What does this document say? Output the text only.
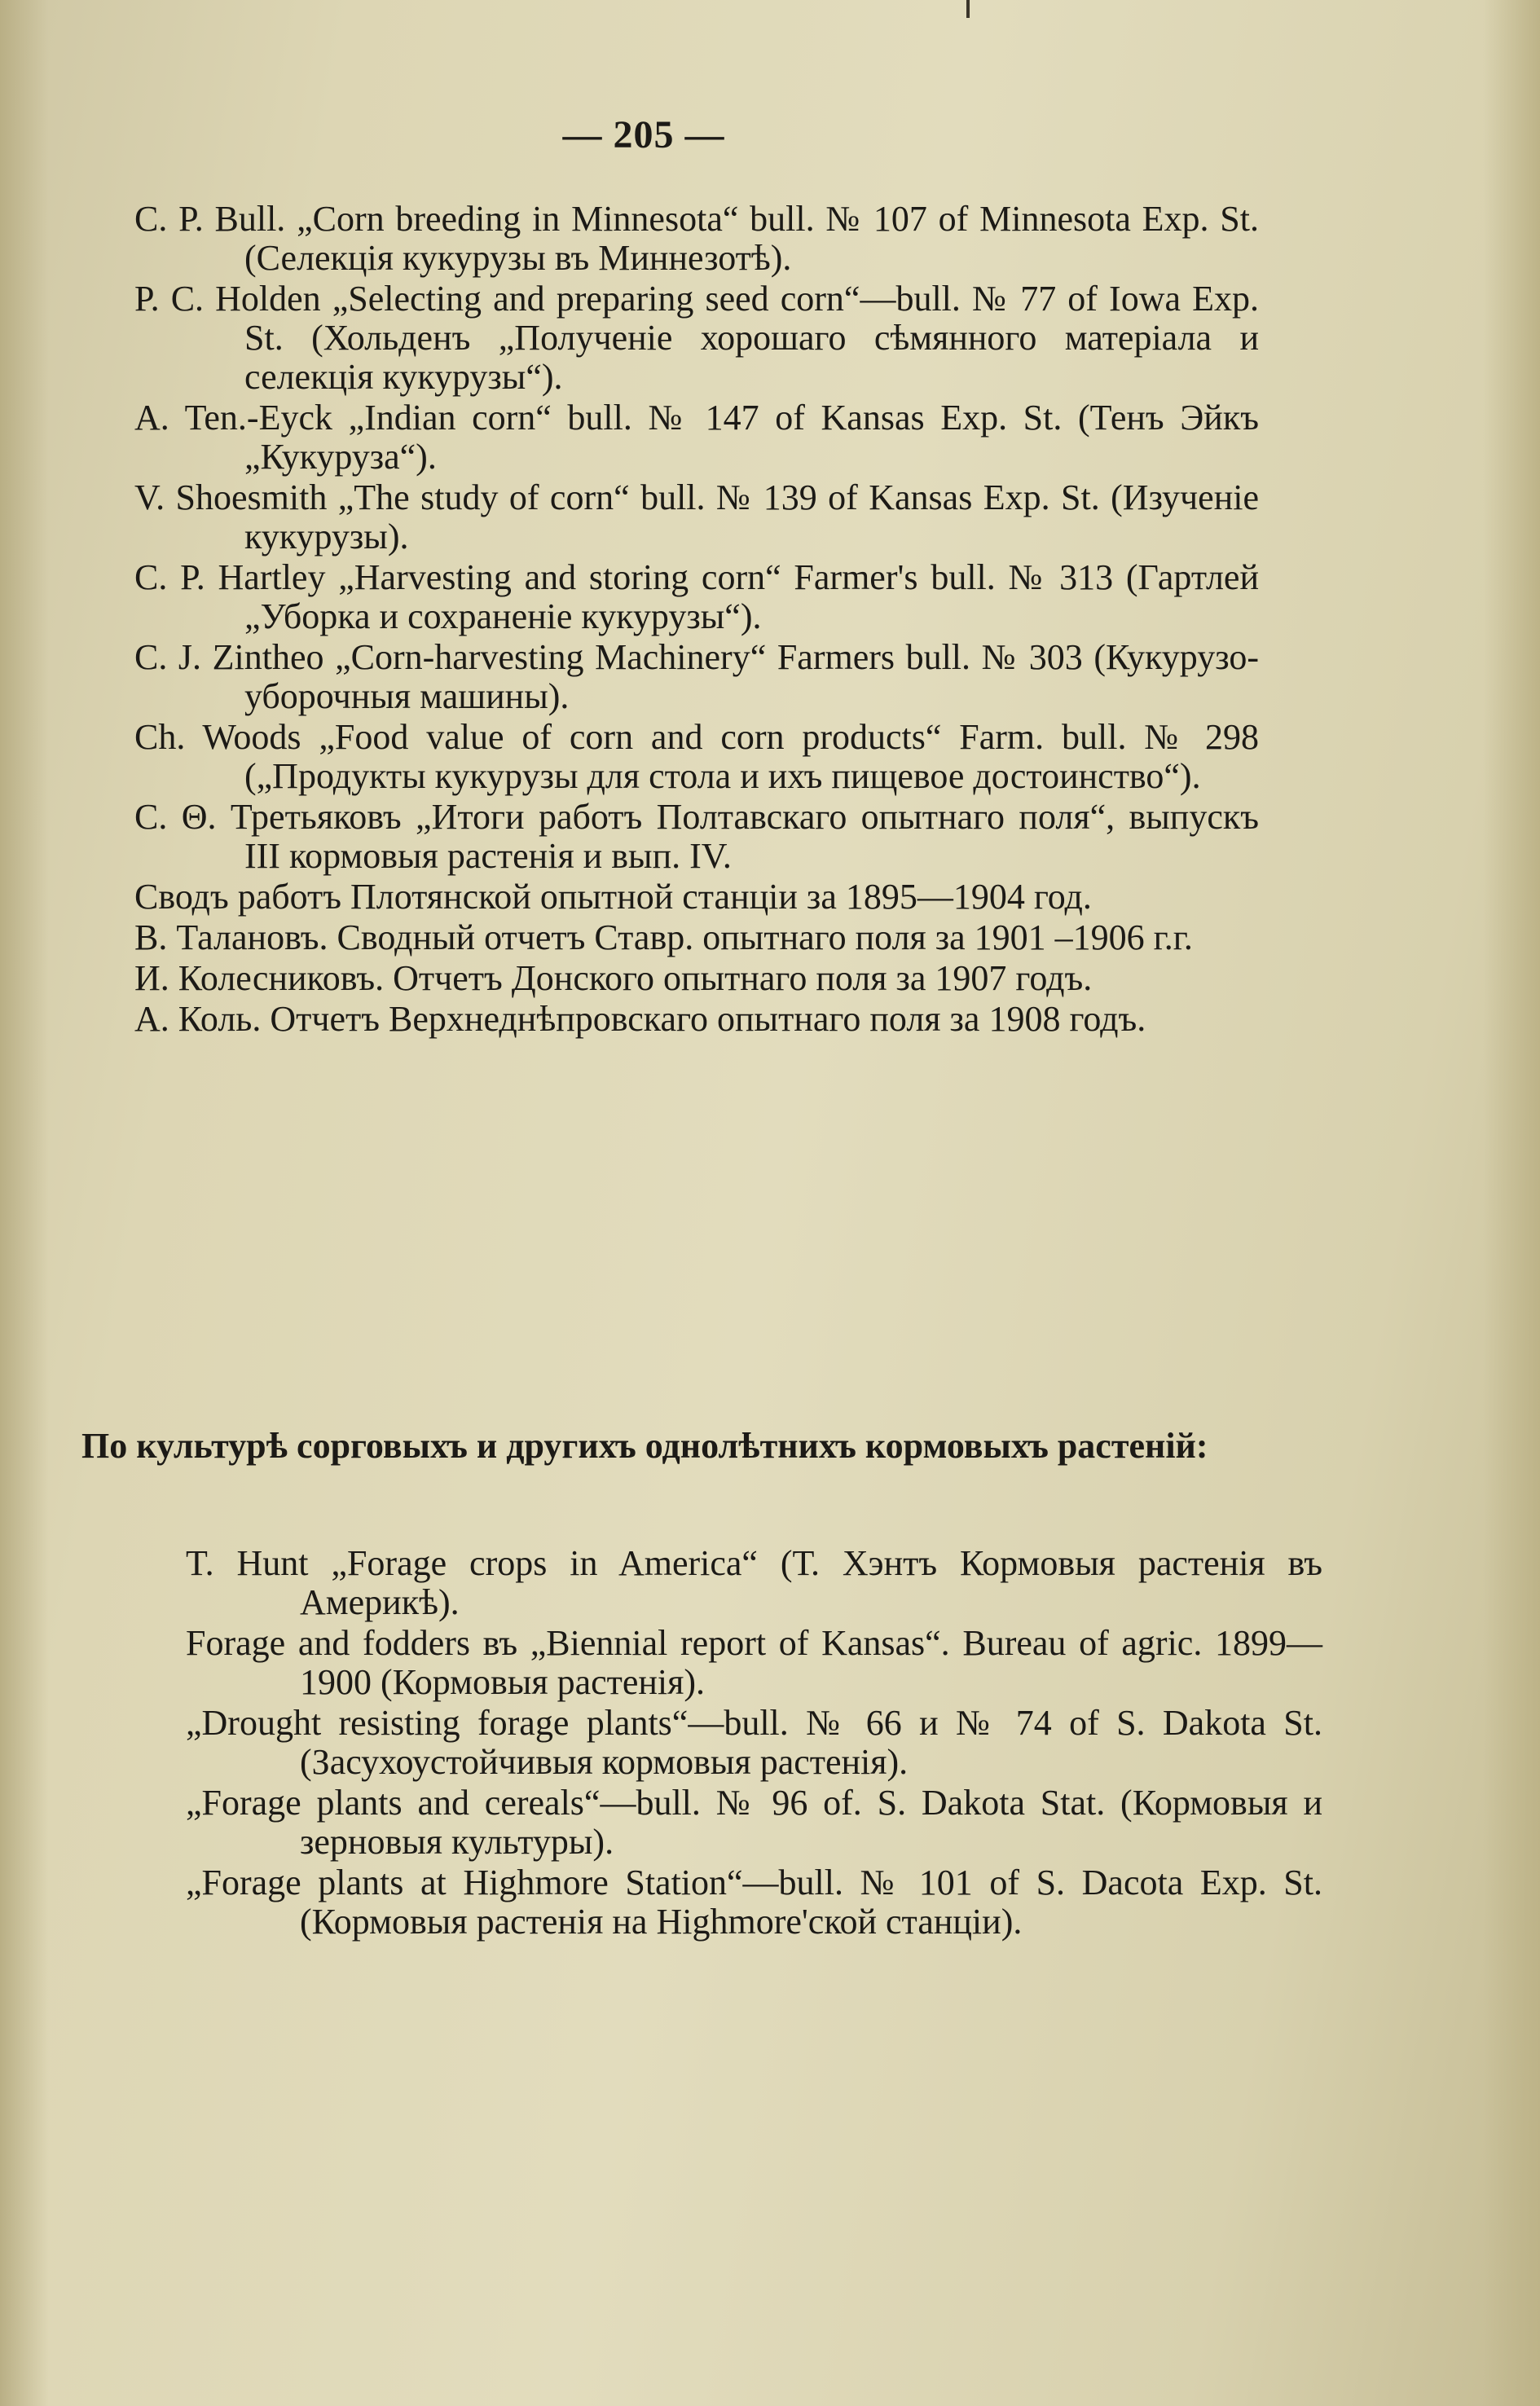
— 205 —

С. P. Bull. „Corn breeding in Minnesota“ bull. № 107 of Minnesota Exp. St. (Селекція кукурузы въ Миннезотѣ).

P. C. Holden „Selecting and preparing seed corn“—bull. № 77 of Iowa Exp. St. (Хольденъ „Полученіе хорошаго сѣмянного матеріала и селекція кукурузы“).

A. Ten.-Eyck „Indian corn“ bull. № 147 of Kansas Exp. St. (Тенъ Эйкъ „Кукуруза“).

V. Shoesmith „The study of corn“ bull. № 139 of Kansas Exp. St. (Изученіе кукурузы).

C. P. Hartley „Harvesting and storing corn“ Farmer's bull. № 313 (Гартлей „Уборка и сохраненіе кукурузы“).

C. J. Zintheo „Corn-harvesting Machinery“ Farmers bull. № 303 (Кукурузо-уборочныя машины).

Ch. Woods „Food value of corn and corn products“ Farm. bull. № 298 („Продукты кукурузы для стола и ихъ пищевое достоинство“).

С. Θ. Третьяковъ „Итоги работъ Полтавскаго опытнаго поля“, выпускъ III кормовыя растенія и вып. IV.

Сводъ работъ Плотянской опытной станціи за 1895—1904 год.

В. Талановъ. Сводный отчетъ Ставр. опытнаго поля за 1901 –1906 г.г.

И. Колесниковъ. Отчетъ Донского опытнаго поля за 1907 годъ.

А. Коль. Отчетъ Верхнеднѣпровскаго опытнаго поля за 1908 годъ.

По культурѣ сорговыхъ и другихъ однолѣтнихъ кормовыхъ растеній:

T. Hunt „Forage crops in America“ (Т. Хэнтъ Кормовыя растенія въ Америкѣ).

Forage and fodders въ „Biennial report of Kansas“. Bureau of agric. 1899—1900 (Кормовыя растенія).

„Drought resisting forage plants“—bull. № 66 и № 74 of S. Dakota St. (Засухоустойчивыя кормовыя растенія).

„Forage plants and cereals“—bull. № 96 of. S. Dakota Stat. (Кормовыя и зерновыя культуры).

„Forage plants at Highmore Station“—bull. № 101 of S. Dacota Exp. St. (Кормовыя растенія на Highmore'ской станціи).
